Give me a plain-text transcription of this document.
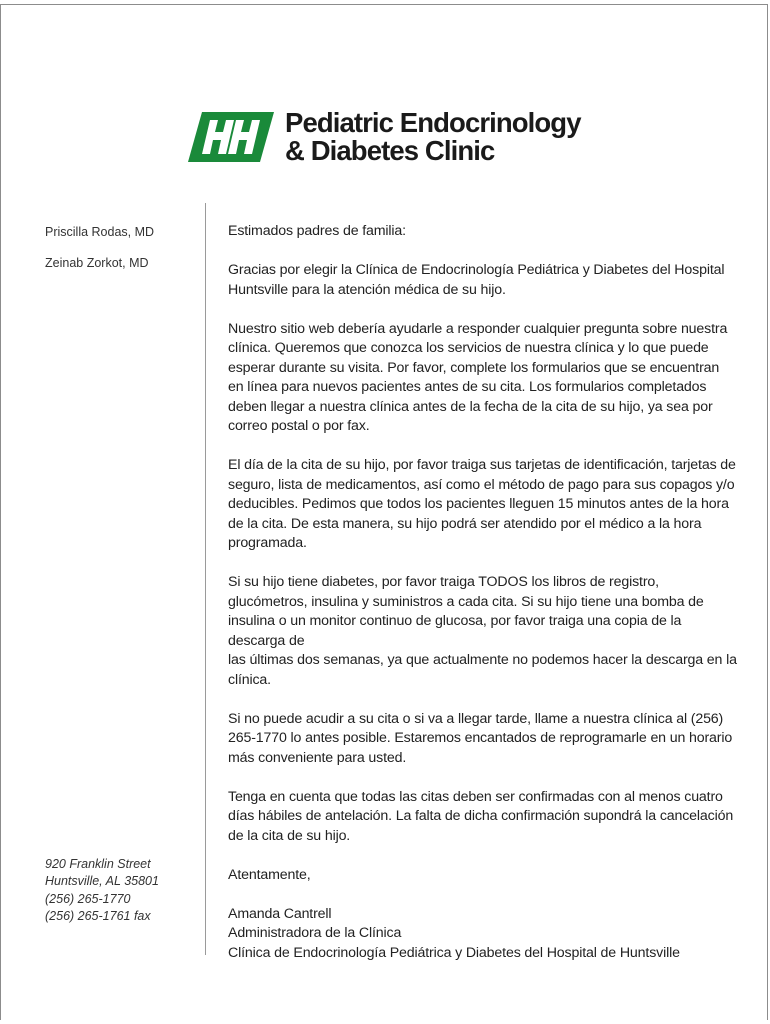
Pediatric Endocrinology
& Diabetes Clinic
Priscilla Rodas, MD
Zeinab Zorkot, MD
920 Franklin Street
Huntsville, AL 35801
(256) 265-1770
(256) 265-1761 fax

Estimados padres de familia:

Gracias por elegir la Clínica de Endocrinología Pediátrica y Diabetes del Hospital Huntsville para la atención médica de su hijo.

Nuestro sitio web debería ayudarle a responder cualquier pregunta sobre nuestra clínica. Queremos que conozca los servicios de nuestra clínica y lo que puede esperar durante su visita. Por favor, complete los formularios que se encuentran en línea para nuevos pacientes antes de su cita. Los formularios completados deben llegar a nuestra clínica antes de la fecha de la cita de su hijo, ya sea por correo postal o por fax.

El día de la cita de su hijo, por favor traiga sus tarjetas de identificación, tarjetas de seguro, lista de medicamentos, así como el método de pago para sus copagos y/o deducibles. Pedimos que todos los pacientes lleguen 15 minutos antes de la hora de la cita. De esta manera, su hijo podrá ser atendido por el médico a la hora programada.

Si su hijo tiene diabetes, por favor traiga TODOS los libros de registro, glucómetros, insulina y suministros a cada cita. Si su hijo tiene una bomba de insulina o un monitor continuo de glucosa, por favor traiga una copia de la descarga de
las últimas dos semanas, ya que actualmente no podemos hacer la descarga en la clínica.

Si no puede acudir a su cita o si va a llegar tarde, llame a nuestra clínica al (256) 265-1770 lo antes posible. Estaremos encantados de reprogramarle en un horario más conveniente para usted.

Tenga en cuenta que todas las citas deben ser confirmadas con al menos cuatro días hábiles de antelación. La falta de dicha confirmación supondrá la cancelación de la cita de su hijo.

Atentamente,

Amanda Cantrell
Administradora de la Clínica
Clínica de Endocrinología Pediátrica y Diabetes del Hospital de Huntsville
